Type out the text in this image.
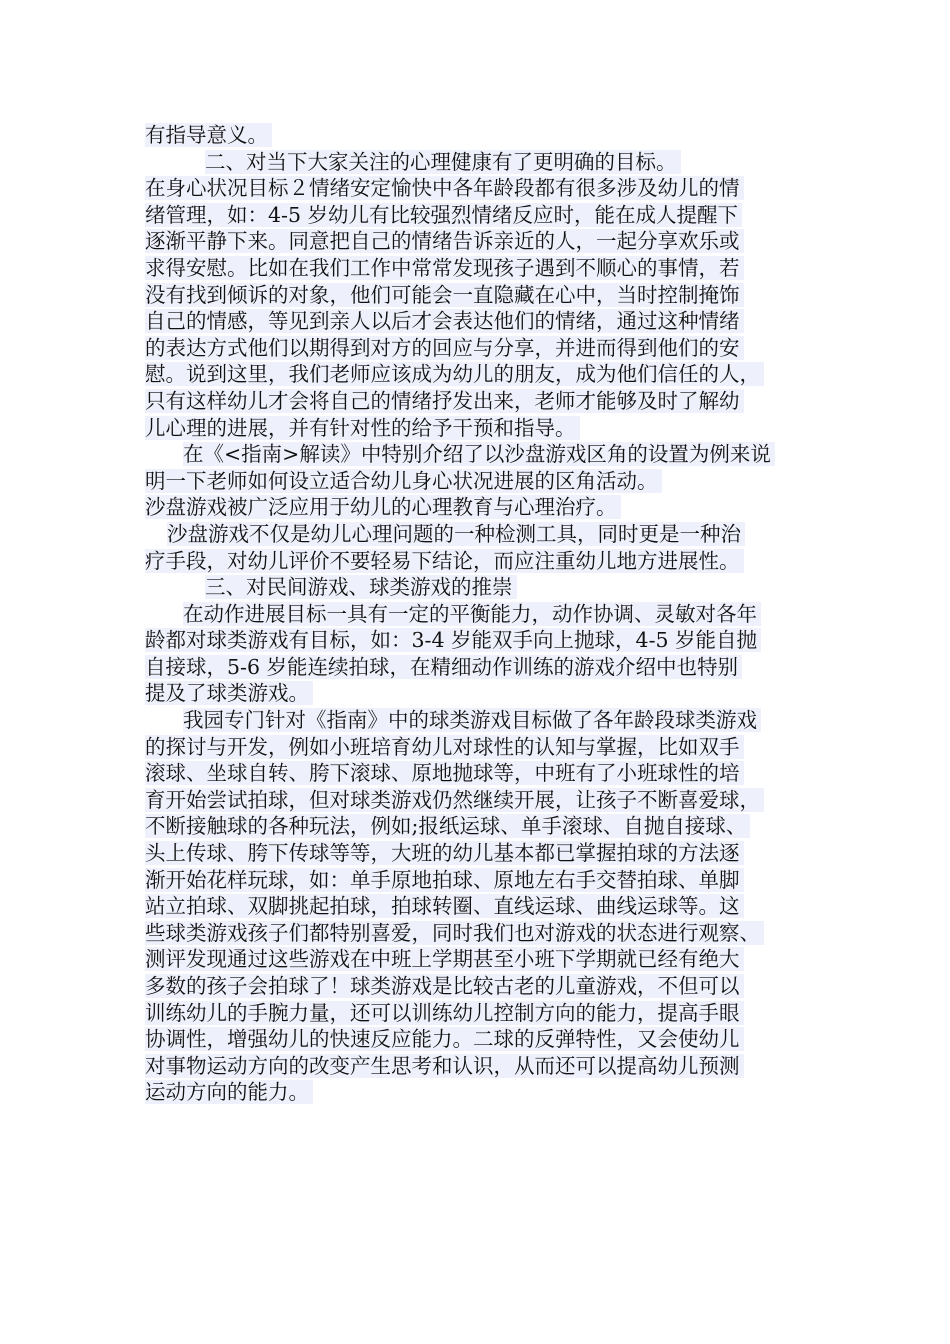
有指导意义。
二、对当下大家关注的心理健康有了更明确的目标。
在身心状况目标２情绪安定愉快中各年龄段都有很多涉及幼儿的情
绪管理，如：4-5 岁幼儿有比较强烈情绪反应时，能在成人提醒下
逐渐平静下来。同意把自己的情绪告诉亲近的人，一起分享欢乐或
求得安慰。比如在我们工作中常常发现孩子遇到不顺心的事情，若
没有找到倾诉的对象，他们可能会一直隐藏在心中，当时控制掩饰
自己的情感，等见到亲人以后才会表达他们的情绪，通过这种情绪
的表达方式他们以期得到对方的回应与分享，并进而得到他们的安
慰。说到这里，我们老师应该成为幼儿的朋友，成为他们信任的人，
只有这样幼儿才会将自己的情绪抒发出来，老师才能够及时了解幼
儿心理的进展，并有针对性的给予干预和指导。
在《<指南>解读》中特别介绍了以沙盘游戏区角的设置为例来说
明一下老师如何设立适合幼儿身心状况进展的区角活动。
沙盘游戏被广泛应用于幼儿的心理教育与心理治疗。
沙盘游戏不仅是幼儿心理问题的一种检测工具，同时更是一种治
疗手段，对幼儿评价不要轻易下结论，而应注重幼儿地方进展性。
三、对民间游戏、球类游戏的推崇
在动作进展目标一具有一定的平衡能力，动作协调、灵敏对各年
龄都对球类游戏有目标，如：3-4 岁能双手向上抛球，4-5 岁能自抛
自接球，5-6 岁能连续拍球，在精细动作训练的游戏介绍中也特别
提及了球类游戏。
我园专门针对《指南》中的球类游戏目标做了各年龄段球类游戏
的探讨与开发，例如小班培育幼儿对球性的认知与掌握，比如双手
滚球、坐球自转、胯下滚球、原地抛球等，中班有了小班球性的培
育开始尝试拍球，但对球类游戏仍然继续开展，让孩子不断喜爱球，
不断接触球的各种玩法，例如;报纸运球、单手滚球、自抛自接球、
头上传球、胯下传球等等，大班的幼儿基本都已掌握拍球的方法逐
渐开始花样玩球，如：单手原地拍球、原地左右手交替拍球、单脚
站立拍球、双脚挑起拍球，拍球转圈、直线运球、曲线运球等。这
些球类游戏孩子们都特别喜爱，同时我们也对游戏的状态进行观察、
测评发现通过这些游戏在中班上学期甚至小班下学期就已经有绝大
多数的孩子会拍球了！球类游戏是比较古老的儿童游戏，不但可以
训练幼儿的手腕力量，还可以训练幼儿控制方向的能力，提高手眼
协调性，增强幼儿的快速反应能力。二球的反弹特性，又会使幼儿
对事物运动方向的改变产生思考和认识，从而还可以提高幼儿预测
运动方向的能力。
